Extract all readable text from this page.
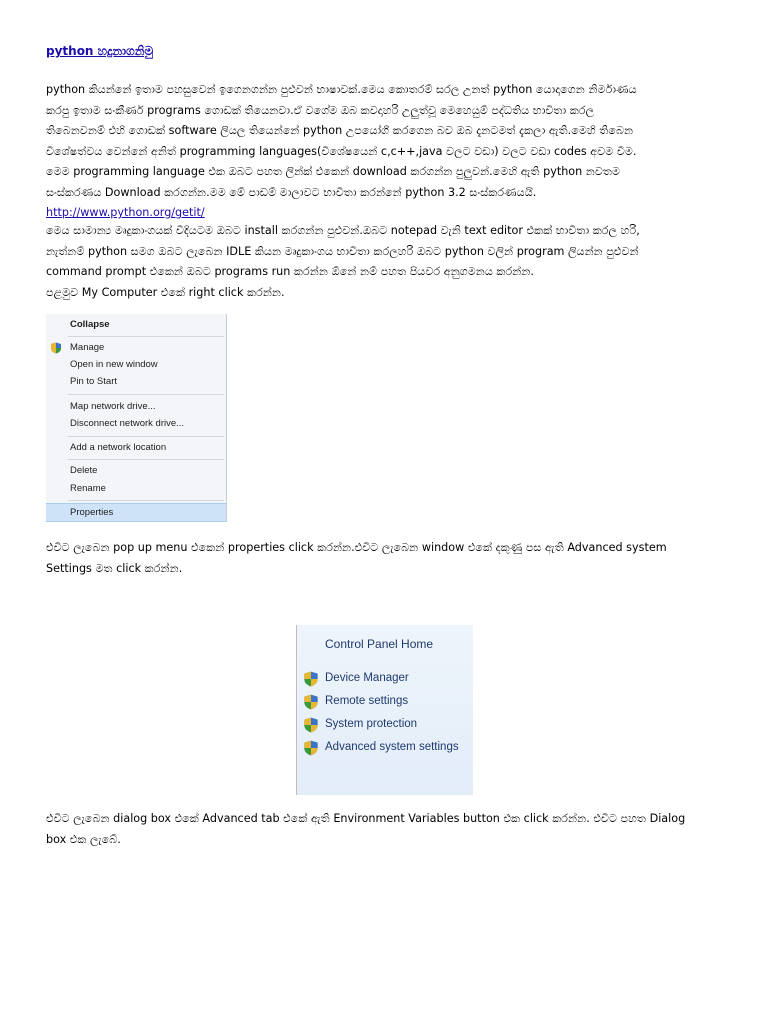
python හදුනාගනිමු

python කියන්නේ ඉතාම පහසුවෙන් ඉගෙනගන්න පුළුවන් භාෂාවක්.මෙය කොතරම් සරල උනත් python යොදාගෙන නිර්මාණය
කරපු ඉතාම සංකීර්ණ programs ගොඩක් තියෙනවා.ඒ වගේම ඔබ කවදාහරි උලුත්වූ මෙහෙයුම් පද්ධතිය භාවිතා කරල
තිබෙනවනම් එහි ගොඩක් software ලියල තියෙන්නේ python උපයෝගී කරගෙන බව ඔබ දැනටමත් දැකලා ඇති.මෙහි තිබෙන
විශේෂත්වය වෙන්නේ අනිත් programming languages(විශේෂයෙන් c,c++,java වලට වඩා) වලට වඩා codes අවම වීම.
මෙම programming language එක ඔබට පහත ලින්ක් එකෙන් download කරගන්න පුලුවන්.මෙහි ඇති python නවතම
සංස්කරණය Download කරගන්න.මම මේ පාඩම් මාලාවට භාවිතා කරන්නේ python 3.2 සංස්කරණයයි.
http://www.python.org/getit/

මෙය සාමාන්‍ය මෘදුකාංගයක් විදියටම ඔබට install කරගන්න පුළුවන්.ඔබට notepad වැනි text editor එකක් භාවිතා කරල හරි,
නැත්නම් python සමග ඔබට ලැබෙන IDLE කියන මෘදුකාංගය භාවිතා කරලහරි ඔබට python වලින් program ලියන්න පුළුවන්
command prompt එකෙන් ඔබට programs run කරන්න ඕනේ නම් පහත පියවර අනුගමනය කරන්න.
පළමුව My Computer එකේ right click කරන්න.

Collapse
Manage
Open in new window
Pin to Start
Map network drive...
Disconnect network drive...
Add a network location
Delete
Rename
Properties

එවිට ලැබෙන pop up menu එකෙන් properties click කරන්න.එවිට ලැබෙන window එකේ දකුණු පස ඇති Advanced system
Settings මත click කරන්න.

Control Panel Home
Device Manager
Remote settings
System protection
Advanced system settings

එවිට ලැබෙන dialog box එකේ Advanced tab එකේ ඇති Environment Variables button එක click කරන්න. එවිට පහත Dialog
box එක ලැබේ.
